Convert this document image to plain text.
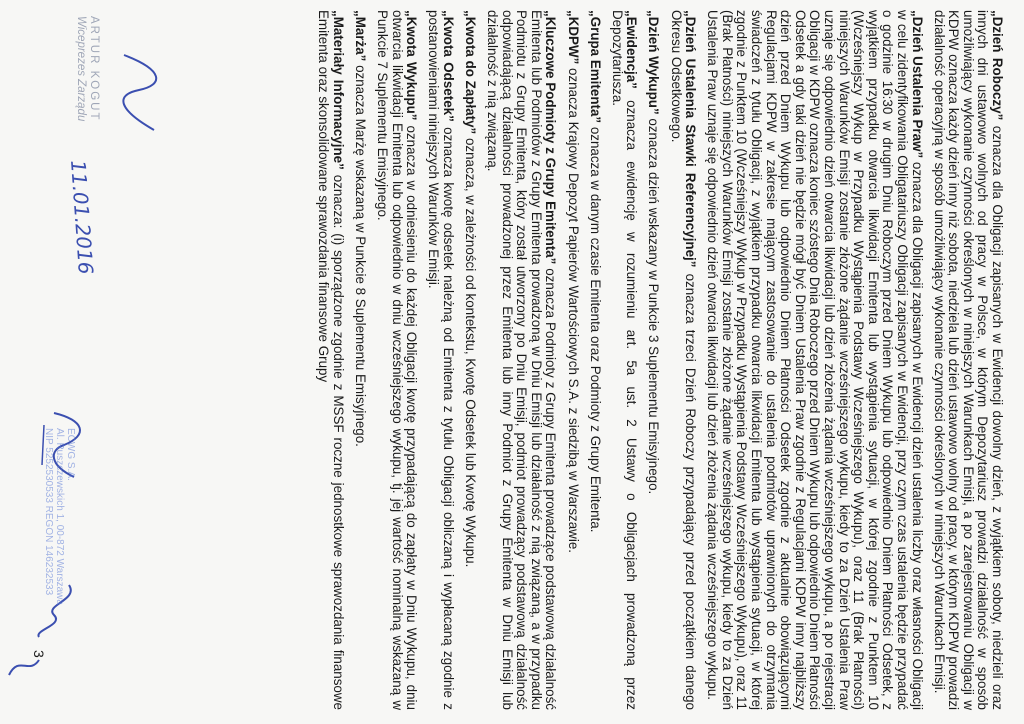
„Dzień Roboczy” oznacza dla Obligacji zapisanych w Ewidencji dowolny dzień, z wyjątkiem soboty, niedzieli oraz innych dni ustawowo wolnych od pracy w Polsce, w którym Depozytariusz prowadzi działalność w sposób umożliwiający wykonanie czynności określonych w niniejszych Warunkach Emisji, a po zarejestrowaniu Obligacji w KDPW oznacza każdy dzień inny niż sobota, niedziela lub dzień ustawowo wolny od pracy, w którym KDPW prowadzi działalność operacyjną w sposób umożliwiający wykonanie czynności określonych w niniejszych Warunkach Emisji.

„Dzień Ustalenia Praw” oznacza dla Obligacji zapisanych w Ewidencji dzień ustalenia liczby oraz własności Obligacji w celu zidentyfikowania Obligatariuszy Obligacji zapisanych w Ewidencji, przy czym czas ustalenia będzie przypadać o godzinie 16:30 w drugim Dniu Roboczym przed Dniem Wykupu lub odpowiednio Dniem Płatności Odsetek, z wyjątkiem przypadku otwarcia likwidacji Emitenta lub wystąpienia sytuacji, w której zgodnie z Punktem 10 (Wcześniejszy Wykup w Przypadku Wystąpienia Podstawy Wcześniejszego Wykupu), oraz 11 (Brak Płatności) niniejszych Warunków Emisji zostanie złożone żądanie wcześniejszego wykupu, kiedy to za Dzień Ustalenia Praw uznaje się odpowiednio dzień otwarcia likwidacji lub dzień złożenia żądania wcześniejszego wykupu, a po rejestracji Obligacji w KDPW oznacza koniec szóstego Dnia Roboczego przed Dniem Wykupu lub odpowiednio Dniem Płatności Odsetek a gdy taki dzień nie będzie mógł być Dniem Ustalenia Praw zgodnie z Regulacjami KDPW inny najbliższy dzień przed Dniem Wykupu lub odpowiednio Dniem Płatności Odsetek zgodnie z aktualnie obowiązującymi Regulacjami KDPW w zakresie mającym zastosowanie do ustalenia podmiotów uprawnionych do otrzymania świadczeń z tytułu Obligacji, z wyjątkiem przypadku otwarcia likwidacji Emitenta lub wystąpienia sytuacji, w której zgodnie z Punktem 10 (Wcześniejszy Wykup w Przypadku Wystąpienia Podstawy Wcześniejszego Wykupu), oraz 11 (Brak Płatności) niniejszych Warunków Emisji zostanie złożone żądanie wcześniejszego wykupu, kiedy to za Dzień Ustalenia Praw uznaje się odpowiednio dzień otwarcia likwidacji lub dzień złożenia żądania wcześniejszego wykupu.

„Dzień Ustalenia Stawki Referencyjnej” oznacza trzeci Dzień Roboczy przypadający przed początkiem danego Okresu Odsetkowego.

„Dzień Wykupu” oznacza dzień wskazany w Punkcie 3 Suplementu Emisyjnego.

„Ewidencja” oznacza ewidencję w rozumieniu art. 5a ust. 2 Ustawy o Obligacjach prowadzoną przez Depozytariusza.

„Grupa Emitenta” oznacza w danym czasie Emitenta oraz Podmioty z Grupy Emitenta.

„KDPW” oznacza Krajowy Depozyt Papierów Wartościowych S.A. z siedzibą w Warszawie.

„Kluczowe Podmioty z Grupy Emitenta” oznacza Podmioty z Grupy Emitenta prowadzące podstawową działalność Emitenta lub Podmiotów z Grupy Emitenta prowadzoną w Dniu Emisji lub działalność z nią związaną, a w przypadku Podmiotu z Grupy Emitenta, który został utworzony po Dniu Emisji, podmiot prowadzący podstawową działalność odpowiadającą działalności prowadzonej przez Emitenta lub inny Podmiot z Grupy Emitenta w Dniu Emisji lub działalność z nią związaną.

„Kwota do Zapłaty” oznacza, w zależności od kontekstu, Kwotę Odsetek lub Kwotę Wykupu.

„Kwota Odsetek” oznacza kwotę odsetek należną od Emitenta z tytułu Obligacji obliczaną i wypłacaną zgodnie z postanowieniami niniejszych Warunków Emisji.

„Kwota Wykupu” oznacza w odniesieniu do każdej Obligacji kwotę przypadającą do zapłaty w Dniu Wykupu, dniu otwarcia likwidacji Emitenta lub odpowiednio w dniu wcześniejszego wykupu, tj. jej wartość nominalną wskazaną w Punkcie 7 Suplementu Emisyjnego.

„Marża” oznacza Marżę wskazaną w Punkcie 8 Suplementu Emisyjnego.

„Materiały Informacyjne” oznacza: (i) sporządzone zgodnie z MSSF roczne jednostkowe sprawozdania finansowe Emitenta oraz skonsolidowane sprawozdania finansowe Grupy

3
ARTUR KOGUT
Wiceprezes Zarządu
11.01.2016
ECWG S.A.
Al. Ruszczewskich 1, 00-872 Warszawa
NIP 5252530533 REGON 146232533
